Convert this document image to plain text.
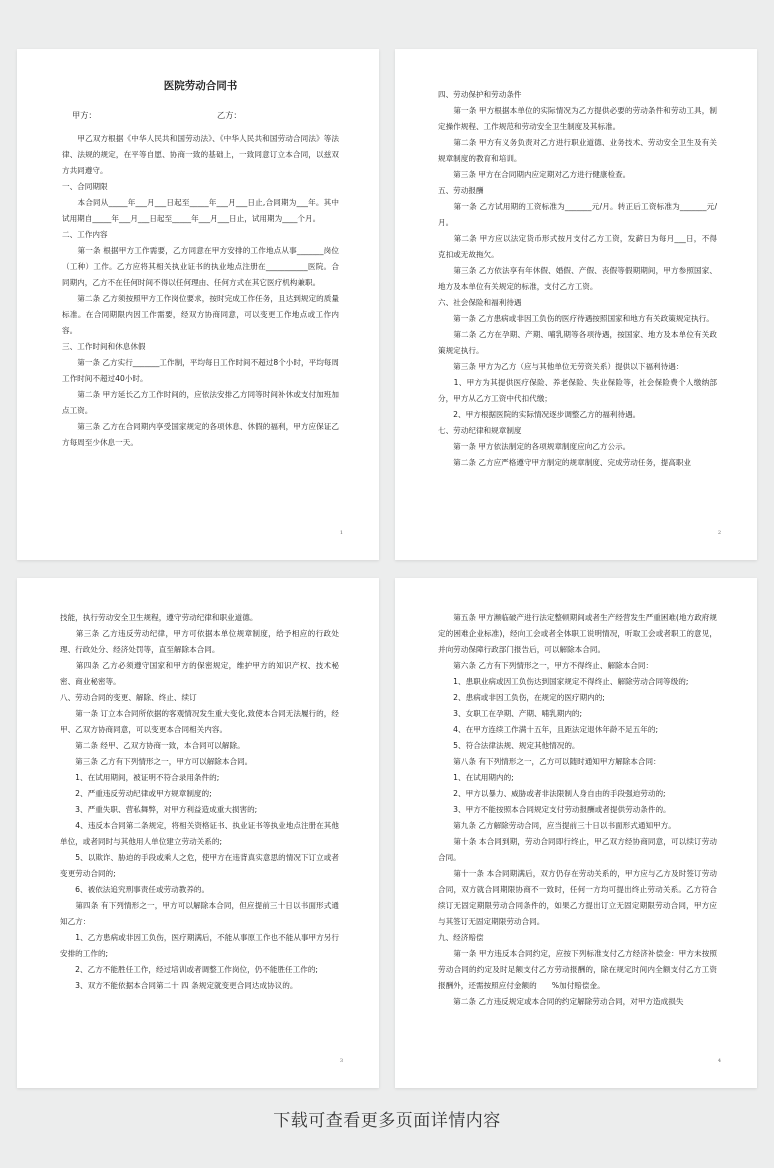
医院劳动合同书
甲方：	乙方：

　　甲乙双方根据《中华人民共和国劳动法》、《中华人民共和国劳动合同法》等法律、法规的规定，在平等自愿、协商一致的基础上，一致同意订立本合同，以兹双方共同遵守。

一、合同期限

　　本合同从_____年___月___日起至_____年___月___日止,合同期为___年。其中试用期自_____年___月___日起至_____年___月___日止，试用期为____个月。

二、工作内容

　　第一条 根据甲方工作需要，乙方同意在甲方安排的工作地点从事_______岗位（工种）工作。乙方应将其相关执业证书的执业地点注册在___________医院。合同期内，乙方不在任何时间不得以任何理由、任何方式在其它医疗机构兼职。

　　第二条 乙方须按照甲方工作岗位要求，按时完成工作任务，且达到规定的质量标准。在合同期限内因工作需要，经双方协商同意，可以变更工作地点或工作内容。

三、工作时间和休息休假

　　第一条 乙方实行_______工作制，平均每日工作时间不超过8个小时，平均每周工作时间不超过40小时。

　　第二条 甲方延长乙方工作时间的，应依法安排乙方同等时间补休或支付加班加点工资。

　　第三条 乙方在合同期内享受国家规定的各项休息、休假的福利，甲方应保证乙方每周至少休息一天。

1

四、劳动保护和劳动条件

　　第一条 甲方根据本单位的实际情况为乙方提供必要的劳动条件和劳动工具，制定操作规程、工作规范和劳动安全卫生制度及其标准。

　　第二条 甲方有义务负责对乙方进行职业道德、业务技术、劳动安全卫生及有关规章制度的教育和培训。

　　第三条 甲方在合同期内应定期对乙方进行健康检查。

五、劳动报酬

　　第一条 乙方试用期的工资标准为_______元/月。转正后工资标准为_______元/月。

　　第二条 甲方应以法定货币形式按月支付乙方工资，发薪日为每月___日，不得克扣或无故拖欠。

　　第三条 乙方依法享有年休假、婚假、产假、丧假等假期期间，甲方参照国家、地方及本单位有关规定的标准，支付乙方工资。

六、社会保险和福利待遇

　　第一条 乙方患病或非因工负伤的医疗待遇按照国家和地方有关政策规定执行。

　　第二条 乙方在孕期、产期、哺乳期等各项待遇，按国家、地方及本单位有关政策规定执行。

　　第三条 甲方为乙方（应与其他单位无劳资关系）提供以下福利待遇：

　　1、甲方为其提供医疗保险、养老保险、失业保险等，社会保险费个人缴纳部分，甲方从乙方工资中代扣代缴；

　　2、甲方根据医院的实际情况逐步调整乙方的福利待遇。

七、劳动纪律和规章制度

　　第一条 甲方依法制定的各项规章制度应向乙方公示。

　　第二条 乙方应严格遵守甲方制定的规章制度、完成劳动任务，提高职业

2

技能，执行劳动安全卫生规程，遵守劳动纪律和职业道德。

　　第三条 乙方违反劳动纪律，甲方可依据本单位规章制度，给予相应的行政处理、行政处分、经济处罚等，直至解除本合同。

　　第四条 乙方必须遵守国家和甲方的保密规定，维护甲方的知识产权、技术秘密、商业秘密等。

八、劳动合同的变更、解除、终止、续订

　　第一条 订立本合同所依据的客观情况发生重大变化,致使本合同无法履行的，经甲、乙双方协商同意，可以变更本合同相关内容。

　　第二条 经甲、乙双方协商一致，本合同可以解除。

　　第三条 乙方有下列情形之一，甲方可以解除本合同。

　　1、在试用期间，被证明不符合录用条件的;

　　2、严重违反劳动纪律或甲方规章制度的;

　　3、严重失职、营私舞弊，对甲方利益造成重大损害的;

　　4、违反本合同第二条规定，将相关资格证书、执业证书等执业地点注册在其他单位，或者同时与其他用人单位建立劳动关系的;

　　5、以欺诈、胁迫的手段或乘人之危，使甲方在违背真实意思的情况下订立或者变更劳动合同的;

　　6、被依法追究刑事责任或劳动教养的。

　　第四条 有下列情形之一，甲方可以解除本合同，但应提前三十日以书面形式通知乙方：

　　1、乙方患病或非因工负伤，医疗期满后，不能从事原工作也不能从事甲方另行安排的工作的;

　　2、乙方不能胜任工作，经过培训或者调整工作岗位，仍不能胜任工作的;

　　3、双方不能依据本合同第二十 四 条规定就变更合同达成协议的。

3

　　第五条 甲方濒临破产进行法定整顿期间或者生产经营发生严重困难(地方政府规定的困难企业标准)，经向工会或者全体职工说明情况，听取工会或者职工的意见，并向劳动保障行政部门报告后，可以解除本合同。

　　第六条 乙方有下列情形之一，甲方不得终止、解除本合同：

　　1、患职业病或因工负伤达到国家规定不得终止、解除劳动合同等级的;

　　2、患病或非因工负伤，在规定的医疗期内的;

　　3、女职工在孕期、产期、哺乳期内的;

　　4、在甲方连续工作满十五年，且距法定退休年龄不足五年的;

　　5、符合法律法规、规定其他情况的。

　　第八条 有下列情形之一，乙方可以随时通知甲方解除本合同：

　　1、在试用期内的;

　　2、甲方以暴力、威胁或者非法限制人身自由的手段强迫劳动的;

　　3、甲方不能按照本合同规定支付劳动报酬或者提供劳动条件的。

　　第九条 乙方解除劳动合同，应当提前三十日以书面形式通知甲方。

　　第十条 本合同到期，劳动合同即行终止，甲乙双方经协商同意，可以续订劳动合同。

　　第十一条 本合同期满后，双方仍存在劳动关系的，甲方应与乙方及时签订劳动合同，双方就合同期限协商不一致时，任何一方均可提出终止劳动关系。乙方符合续订无固定期限劳动合同条件的，如果乙方提出订立无固定期限劳动合同，甲方应与其签订无固定期限劳动合同。

九、经济赔偿

　　第一条 甲方违反本合同约定，应按下列标准支付乙方经济补偿金：甲方未按照劳动合同的约定及时足额支付乙方劳动报酬的，除在规定时间内全额支付乙方工资报酬外，还需按照应付金额的　　%加付赔偿金。

　　第二条 乙方违反规定或本合同的约定解除劳动合同，对甲方造成损失

4
下载可查看更多页面详情内容
